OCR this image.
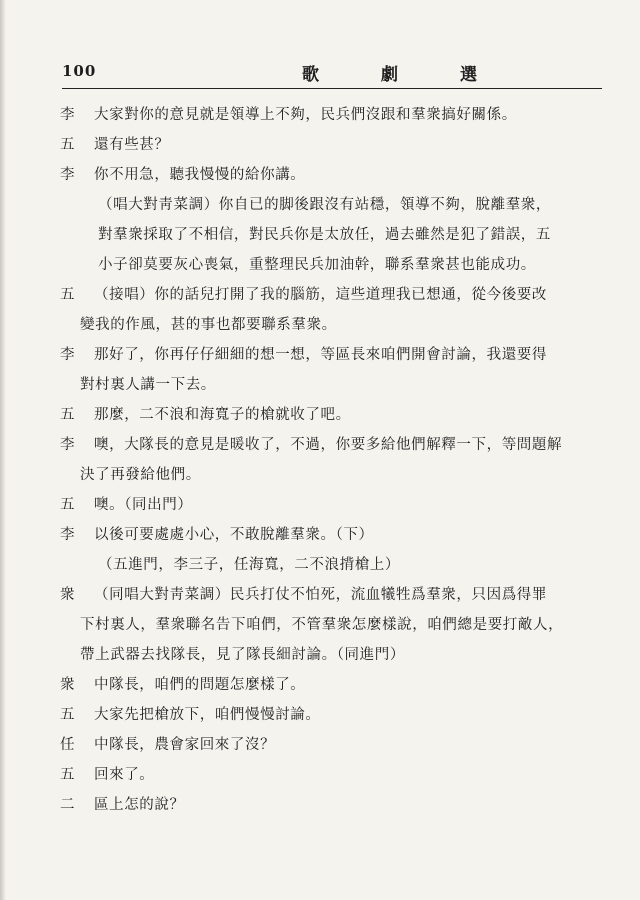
100	歌劇選
李	大家對你的意見就是領導上不夠，民兵們沒跟和羣衆搞好關係。
五	還有些甚？
李	你不用急，聽我慢慢的給你講。
（唱大對靑菜調）你自已的脚後跟沒有站穩，領導不夠，脫離羣衆，
對羣衆採取了不相信，對民兵你是太放任，過去雖然是犯了錯誤，五
小子卻莫要灰心喪氣，重整理民兵加油幹，聯系羣衆甚也能成功。
五	（接唱）你的話兒打開了我的腦筋，這些道理我已想通，從今後要改
變我的作風，甚的事也都要聯系羣衆。
李	那好了，你再仔仔細細的想一想，等區長來咱們開會討論，我還要得
對村裏人講一下去。
五	那麼，二不浪和海寬子的槍就收了吧。
李	噢，大隊長的意見是暖收了，不過，你要多給他們解釋一下，等問題解
決了再發給他們。
五	噢。（同出門）
李	以後可要處處小心，不敢脫離羣衆。（下）
（五進門，李三子，任海寬，二不浪揹槍上）
衆	（同唱大對靑菜調）民兵打仗不怕死，流血犧牲爲羣衆，只因爲得罪
下村裏人，羣衆聯名告下咱們，不管羣衆怎麼樣說，咱們總是要打敵人，
帶上武器去找隊長，見了隊長細討論。（同進門）
衆	中隊長，咱們的問題怎麼樣了。
五	大家先把槍放下，咱們慢慢討論。
任	中隊長，農會家回來了沒？
五	回來了。
二	區上怎的說？
